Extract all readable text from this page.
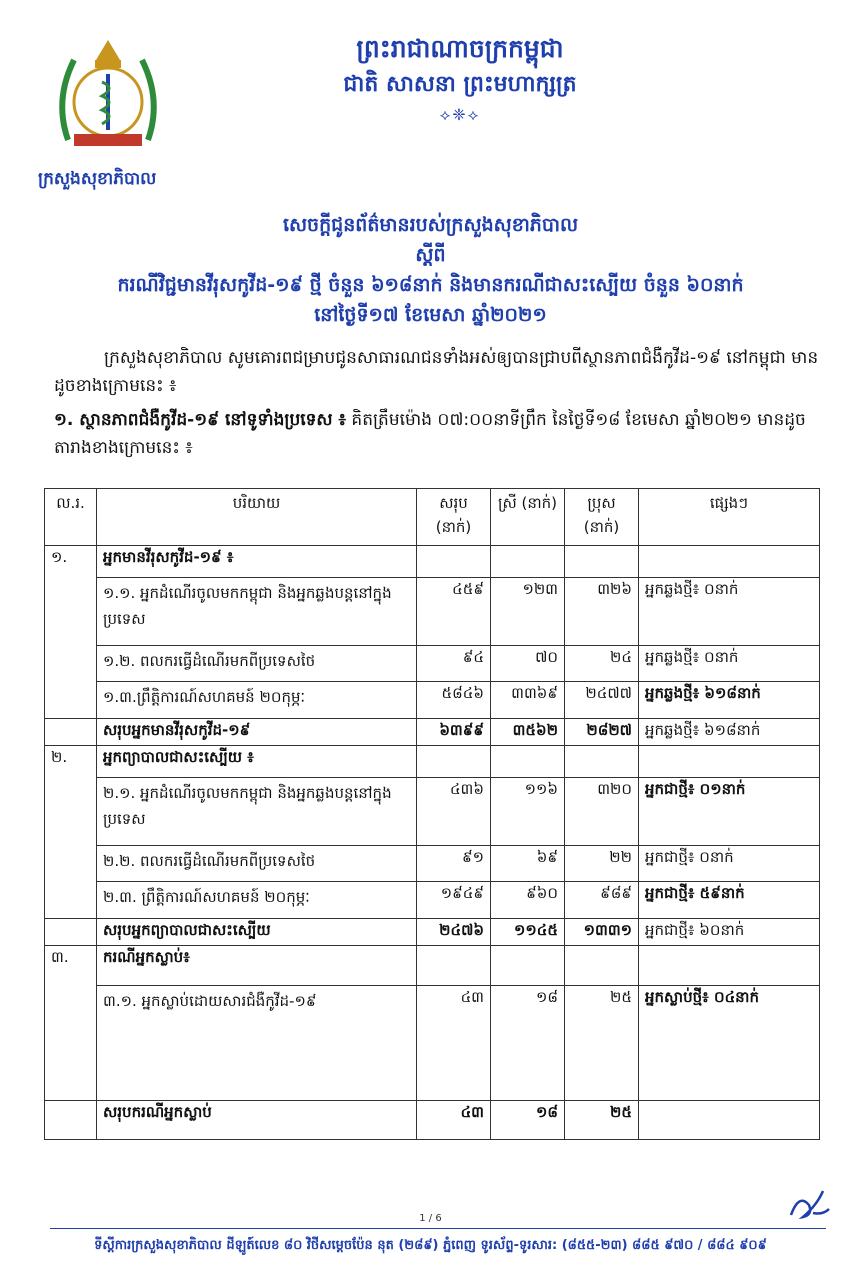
ក្រសួងសុខាភិបាល
ព្រះរាជាណាចក្រកម្ពុជា
ជាតិ សាសនា ព្រះមហាក្សត្រ
⟡❈⟡
សេចក្តីជូនព័ត៌មានរបស់ក្រសួងសុខាភិបាល
ស្តីពី
ករណីវិជ្ជមានវីរុសកូវីដ-១៩ ថ្មី ចំនួន ៦១៨នាក់ និងមានករណីជាសះស្បើយ ចំនួន ៦០នាក់
នៅថ្ងៃទី១៧ ខែមេសា ឆ្នាំ២០២១
ក្រសួងសុខាភិបាល សូមគោរពជម្រាបជូនសាធារណជនទាំងអស់ឲ្យបានជ្រាបពីស្ថានភាពជំងឺកូវីដ-១៩ នៅកម្ពុជា មានដូចខាងក្រោមនេះ ៖
១. ស្ថានភាពជំងឺកូវីដ-១៩ នៅទូទាំងប្រទេស ៖ គិតត្រឹមម៉ោង ០៧:០០នាទីព្រឹក នៃថ្ងៃទី១៨ ខែមេសា ឆ្នាំ២០២១ មានដូចតារាងខាងក្រោមនេះ ៖
ល.រ.	បរិយាយ	សរុប (នាក់)	ស្រី (នាក់)	ប្រុស (នាក់)	ផ្សេងៗ
១.	អ្នកមានវីរុសកូវីដ-១៩ ៖				
	១.១. អ្នកដំណើរចូលមកកម្ពុជា និងអ្នកឆ្លងបន្តនៅក្នុងប្រទេស	៤៥៩	១២៣	៣២៦	អ្នកឆ្លងថ្មី៖ ០នាក់
	១.២. ពលករធ្វើដំណើរមកពីប្រទេសថៃ	៩៤	៧០	២៤	អ្នកឆ្លងថ្មី៖ ០នាក់
	១.៣.ព្រឹត្តិការណ៍សហគមន៍ ២០កុម្ភៈ	៥៨៤៦	៣៣៦៩	២៤៧៧	អ្នកឆ្លងថ្មី៖ ៦១៨នាក់
	សរុបអ្នកមានវីរុសកូវីដ-១៩	៦៣៩៩	៣៥៦២	២៨២៧	អ្នកឆ្លងថ្មី៖ ៦១៨នាក់
២.	អ្នកព្យាបាលជាសះស្បើយ ៖				
	២.១. អ្នកដំណើរចូលមកកម្ពុជា និងអ្នកឆ្លងបន្តនៅក្នុងប្រទេស	៤៣៦	១១៦	៣២០	អ្នកជាថ្មី៖ ០១នាក់
	២.២. ពលករធ្វើដំណើរមកពីប្រទេសថៃ	៩១	៦៩	២២	អ្នកជាថ្មី៖ ០នាក់
	២.៣. ព្រឹត្តិការណ៍សហគមន៍ ២០កុម្ភៈ	១៩៤៩	៩៦០	៩៨៩	អ្នកជាថ្មី៖ ៥៩នាក់
	សរុបអ្នកព្យាបាលជាសះស្បើយ	២៤៧៦	១១៤៥	១៣៣១	អ្នកជាថ្មី៖ ៦០នាក់
៣.	ករណីអ្នកស្លាប់៖				
	៣.១. អ្នកស្លាប់ដោយសារជំងឺកូវីដ-១៩	៤៣	១៨	២៥	អ្នកស្លាប់ថ្មី៖ ០៤នាក់
	សរុបករណីអ្នកស្លាប់	៤៣	១៨	២៥	
1 / 6
ទីស្តីការក្រសួងសុខាភិបាល ដីឡូត៍លេខ ៨០ វិថីសម្ដេចប៉ែន នុត (២៨៩) ភ្នំពេញ ទូរស័ព្ទ-ទូរសារ: (៨៥៥-២៣) ៨៨៥ ៩៧០ / ៨៨៤ ៩០៩
